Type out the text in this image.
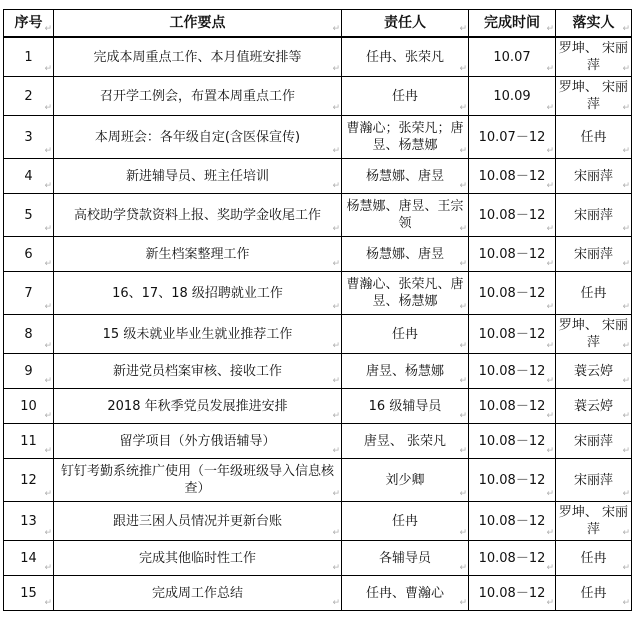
序号 ↵	工作要点 ↵	责任人 ↵	完成时间 ↵	落实人 ↵

1
↵	完成本周重点工作、本月值班安排等
↵	任冉、张荣凡
↵	10.07
↵	罗坤、 宋丽萍 ↵

2
↵	召开学工例会，布置本周重点工作
↵	任冉
↵	10.09
↵	罗坤、 宋丽萍 ↵

3
↵	本周班会：各年级自定(含医保宣传)
↵	曹瀚心；张荣凡；唐昱、杨慧娜 ↵	10.07－12
↵	任冉
↵

4
↵	新进辅导员、班主任培训
↵	杨慧娜、唐昱
↵	10.08－12
↵	宋丽萍
↵

5
↵	高校助学贷款资料上报、奖助学金收尾工作
↵	杨慧娜、唐昱、王宗领 ↵	10.08－12
↵	宋丽萍
↵

6
↵	新生档案整理工作
↵	杨慧娜、唐昱
↵	10.08－12
↵	宋丽萍
↵

7
↵	16、17、18 级招聘就业工作
↵	曹瀚心、张荣凡、唐昱、杨慧娜 ↵	10.08－12
↵	任冉
↵

8
↵	15 级未就业毕业生就业推荐工作
↵	任冉
↵	10.08－12
↵	罗坤、 宋丽萍 ↵

9
↵	新进党员档案审核、接收工作
↵	唐昱、杨慧娜
↵	10.08－12
↵	蓑云婷
↵

10
↵	2018 年秋季党员发展推进安排
↵	16 级辅导员
↵	10.08－12
↵	蓑云婷
↵

11
↵	留学项目（外方俄语辅导）
↵	唐昱、 张荣凡
↵	10.08－12
↵	宋丽萍
↵

12
↵	钉钉考勤系统推广使用（一年级班级导入信息核查） ↵	刘少卿
↵	10.08－12
↵	宋丽萍
↵

13
↵	跟进三困人员情况并更新台账
↵	任冉
↵	10.08－12
↵	罗坤、 宋丽萍 ↵

14
↵	完成其他临时性工作
↵	各辅导员
↵	10.08－12
↵	任冉
↵

15
↵	完成周工作总结
↵	任冉、曹瀚心
↵	10.08－12
↵	任冉
↵
